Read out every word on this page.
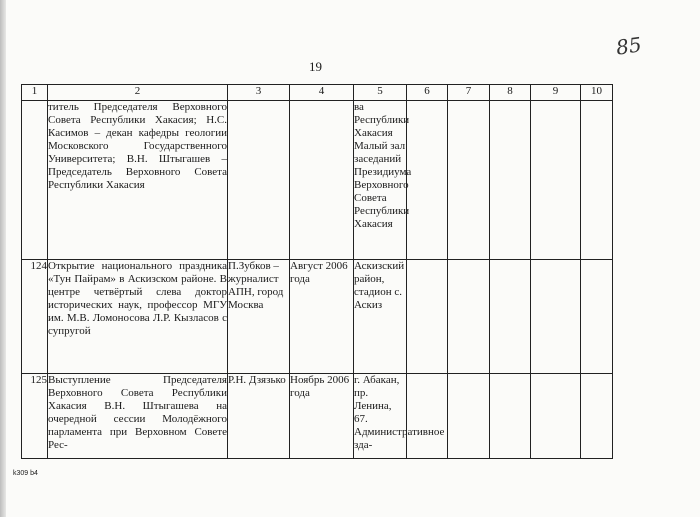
85
19
1	2	3	4	5	6	7	8	9	10
	титель Председателя Верховного Совета Республики Хакасия; Н.С. Касимов – декан кафедры геологии Московского Государственного Университета; В.Н. Штыгашев – Председатель Верховного Совета Республики Хакасия			ва Республики Хакасия Малый зал заседаний Президиума Верховного Совета Республики Хакасия					
124	Открытие национального праздника «Тун Пайрам» в Аскизском районе. В центре четвёртый слева доктор исторических наук, профессор МГУ им. М.В. Ломоносова Л.Р. Кызласов с супругой	П.Зубков – журналист АПН, город Москва	Август 2006 года	Аскизский район, стадион с. Аскиз					

125	Выступление Председателя Верховного Совета Республики Хакасия В.Н. Штыгашева на очередной сессии Молодёжного парламента при Верховном Совете Рес-	Р.Н. Дзязько	Ноябрь 2006 года	г. Абакан, пр. Ленина, 67. Административное зда-					

k309 b4
